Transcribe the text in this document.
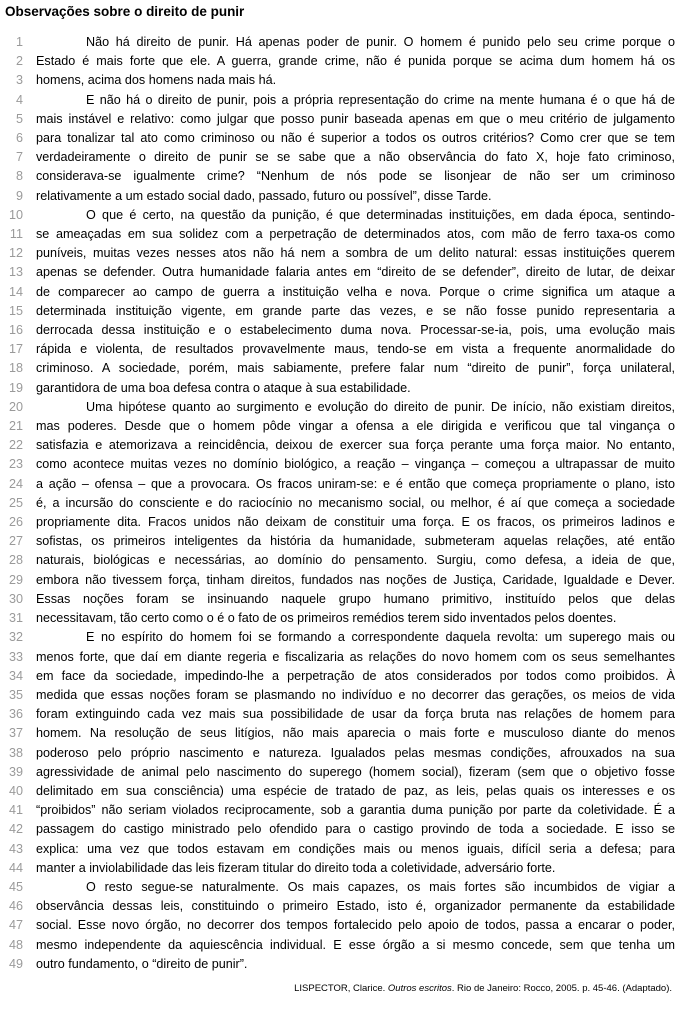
Observações sobre o direito de punir
1	Não há direito de punir. Há apenas poder de punir. O homem é punido pelo seu crime porque o
2 Estado é mais forte que ele. A guerra, grande crime, não é punida porque se acima dum homem há os
3 homens, acima dos homens nada mais há.
4	E não há o direito de punir, pois a própria representação do crime na mente humana é o que há de
5 mais instável e relativo: como julgar que posso punir baseada apenas em que o meu critério de julgamento
6 para tonalizar tal ato como criminoso ou não é superior a todos os outros critérios? Como crer que se tem
7 verdadeiramente o direito de punir se se sabe que a não observância do fato X, hoje fato criminoso,
8 considerava-se igualmente crime? “Nenhum de nós pode se lisonjear de não ser um criminoso
9 relativamente a um estado social dado, passado, futuro ou possível”, disse Tarde.
10	O que é certo, na questão da punição, é que determinadas instituições, em dada época, sentindo-
11 se ameaçadas em sua solidez com a perpetração de determinados atos, com mão de ferro taxa-os como
12 puníveis, muitas vezes nesses atos não há nem a sombra de um delito natural: essas instituições querem
13 apenas se defender. Outra humanidade falaria antes em “direito de se defender”, direito de lutar, de deixar
14 de comparecer ao campo de guerra a instituição velha e nova. Porque o crime significa um ataque a
15 determinada instituição vigente, em grande parte das vezes, e se não fosse punido representaria a
16 derrocada dessa instituição e o estabelecimento duma nova. Processar-se-ia, pois, uma evolução mais
17 rápida e violenta, de resultados provavelmente maus, tendo-se em vista a frequente anormalidade do
18 criminoso. A sociedade, porém, mais sabiamente, prefere falar num “direito de punir”, força unilateral,
19 garantidora de uma boa defesa contra o ataque à sua estabilidade.
20	Uma hipótese quanto ao surgimento e evolução do direito de punir. De início, não existiam direitos,
21 mas poderes. Desde que o homem pôde vingar a ofensa a ele dirigida e verificou que tal vingança o
22 satisfazia e atemorizava a reincidência, deixou de exercer sua força perante uma força maior. No entanto,
23 como acontece muitas vezes no domínio biológico, a reação – vingança – começou a ultrapassar de muito
24 a ação – ofensa – que a provocara. Os fracos uniram-se: e é então que começa propriamente o plano, isto
25 é, a incursão do consciente e do raciocínio no mecanismo social, ou melhor, é aí que começa a sociedade
26 propriamente dita. Fracos unidos não deixam de constituir uma força. E os fracos, os primeiros ladinos e
27 sofistas, os primeiros inteligentes da história da humanidade, submeteram aquelas relações, até então
28 naturais, biológicas e necessárias, ao domínio do pensamento. Surgiu, como defesa, a ideia de que,
29 embora não tivessem força, tinham direitos, fundados nas noções de Justiça, Caridade, Igualdade e Dever.
30 Essas noções foram se insinuando naquele grupo humano primitivo, instituído pelos que delas
31 necessitavam, tão certo como o é o fato de os primeiros remédios terem sido inventados pelos doentes.
32	E no espírito do homem foi se formando a correspondente daquela revolta: um superego mais ou
33 menos forte, que daí em diante regeria e fiscalizaria as relações do novo homem com os seus semelhantes
34 em face da sociedade, impedindo-lhe a perpetração de atos considerados por todos como proibidos. À
35 medida que essas noções foram se plasmando no indivíduo e no decorrer das gerações, os meios de vida
36 foram extinguindo cada vez mais sua possibilidade de usar da força bruta nas relações de homem para
37 homem. Na resolução de seus litígios, não mais aparecia o mais forte e musculoso diante do menos
38 poderoso pelo próprio nascimento e natureza. Igualados pelas mesmas condições, afrouxados na sua
39 agressividade de animal pelo nascimento do superego (homem social), fizeram (sem que o objetivo fosse
40 delimitado em sua consciência) uma espécie de tratado de paz, as leis, pelas quais os interesses e os
41 “proibidos” não seriam violados reciprocamente, sob a garantia duma punição por parte da coletividade. É a
42 passagem do castigo ministrado pelo ofendido para o castigo provindo de toda a sociedade. E isso se
43 explica: uma vez que todos estavam em condições mais ou menos iguais, difícil seria a defesa; para
44 manter a inviolabilidade das leis fizeram titular do direito toda a coletividade, adversário forte.
45	O resto segue-se naturalmente. Os mais capazes, os mais fortes são incumbidos de vigiar a
46 observância dessas leis, constituindo o primeiro Estado, isto é, organizador permanente da estabilidade
47 social. Esse novo órgão, no decorrer dos tempos fortalecido pelo apoio de todos, passa a encarar o poder,
48 mesmo independente da aquiescência individual. E esse órgão a si mesmo concede, sem que tenha um
49 outro fundamento, o “direito de punir”.
LISPECTOR, Clarice. Outros escritos. Rio de Janeiro: Rocco, 2005. p. 45-46. (Adaptado).
